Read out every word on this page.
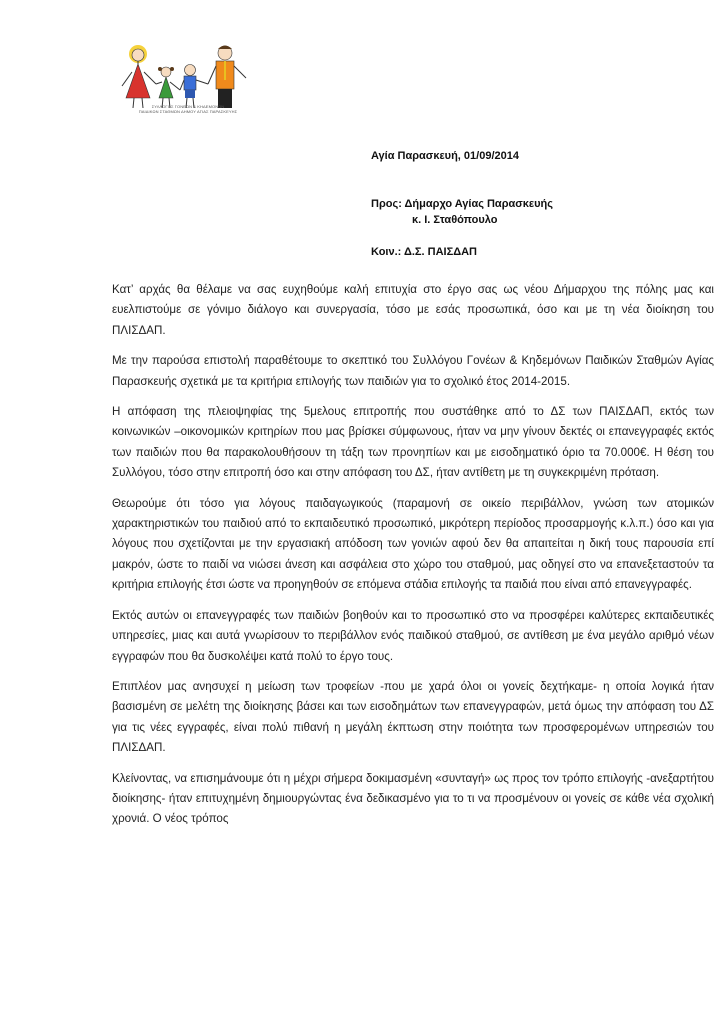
ΣΥΛΛΟΓΟΣ ΓΟΝΕΩΝ & ΚΗΔΕΜΟΝΩΝ
ΠΑΙΔΙΚΩΝ ΣΤΑΘΜΩΝ ΔΗΜΟΥ ΑΓΙΑΣ ΠΑΡΑΣΚΕΥΗΣ
Αγία Παρασκευή, 01/09/2014
Προς: Δήμαρχο Αγίας Παρασκευής
κ. Ι. Σταθόπουλο
Κοιν.: Δ.Σ. ΠΑΙΣΔΑΠ

Κατ’ αρχάς θα θέλαμε να σας ευχηθούμε καλή επιτυχία στο έργο σας ως νέου Δήμαρχου της πόλης μας και ευελπιστούμε σε γόνιμο διάλογο και συνεργασία, τόσο με εσάς προσωπικά, όσο και με τη νέα διοίκηση του ΠΛΙΣΔΑΠ.

Με την παρούσα επιστολή παραθέτουμε το σκεπτικό του Συλλόγου Γονέων & Κηδεμόνων Παιδικών Σταθμών Αγίας Παρασκευής σχετικά με τα κριτήρια επιλογής των παιδιών για το σχολικό έτος 2014-2015.

Η απόφαση της πλειοψηφίας της 5μελους επιτροπής που συστάθηκε από το ΔΣ των ΠΑΙΣΔΑΠ, εκτός των κοινωνικών –οικονομικών κριτηρίων που μας βρίσκει σύμφωνους, ήταν να μην γίνουν δεκτές οι επανεγγραφές εκτός των παιδιών που θα παρακολουθήσουν τη τάξη των προνηπίων και με εισοδηματικό όριο τα 70.000€. Η θέση του Συλλόγου, τόσο στην επιτροπή όσο και στην απόφαση του ΔΣ, ήταν αντίθετη με τη συγκεκριμένη πρόταση.

Θεωρούμε ότι τόσο για λόγους παιδαγωγικούς (παραμονή σε οικείο περιβάλλον, γνώση των ατομικών χαρακτηριστικών του παιδιού από το εκπαιδευτικό προσωπικό, μικρότερη περίοδος προσαρμογής κ.λ.π.) όσο και για λόγους που σχετίζονται με την εργασιακή απόδοση των γονιών αφού δεν θα απαιτείται η δική τους παρουσία επί μακρόν, ώστε το παιδί να νιώσει άνεση και ασφάλεια στο χώρο του σταθμού, μας οδηγεί στο να επανεξεταστούν τα κριτήρια επιλογής έτσι ώστε να προηγηθούν σε επόμενα στάδια επιλογής τα παιδιά που είναι από επανεγγραφές.

Εκτός αυτών οι επανεγγραφές των παιδιών βοηθούν και το προσωπικό στο να προσφέρει καλύτερες εκπαιδευτικές υπηρεσίες, μιας και αυτά γνωρίσουν το περιβάλλον ενός παιδικού σταθμού, σε αντίθεση με ένα μεγάλο αριθμό νέων εγγραφών που θα δυσκολέψει κατά πολύ το έργο τους.

Επιπλέον μας ανησυχεί η μείωση των τροφείων -που με χαρά όλοι οι γονείς δεχτήκαμε- η οποία λογικά ήταν βασισμένη σε μελέτη της διοίκησης βάσει και των εισοδημάτων των επανεγγραφών, μετά όμως την απόφαση του ΔΣ για τις νέες εγγραφές, είναι πολύ πιθανή η μεγάλη έκπτωση στην ποιότητα των προσφερομένων υπηρεσιών του ΠΛΙΣΔΑΠ.

Κλείνοντας, να επισημάνουμε ότι η μέχρι σήμερα δοκιμασμένη «συνταγή» ως προς τον τρόπο επιλογής -ανεξαρτήτου διοίκησης- ήταν επιτυχημένη δημιουργώντας ένα δεδικασμένο για το τι να προσμένουν οι γονείς σε κάθε νέα σχολική χρονιά. Ο νέος τρόπος
